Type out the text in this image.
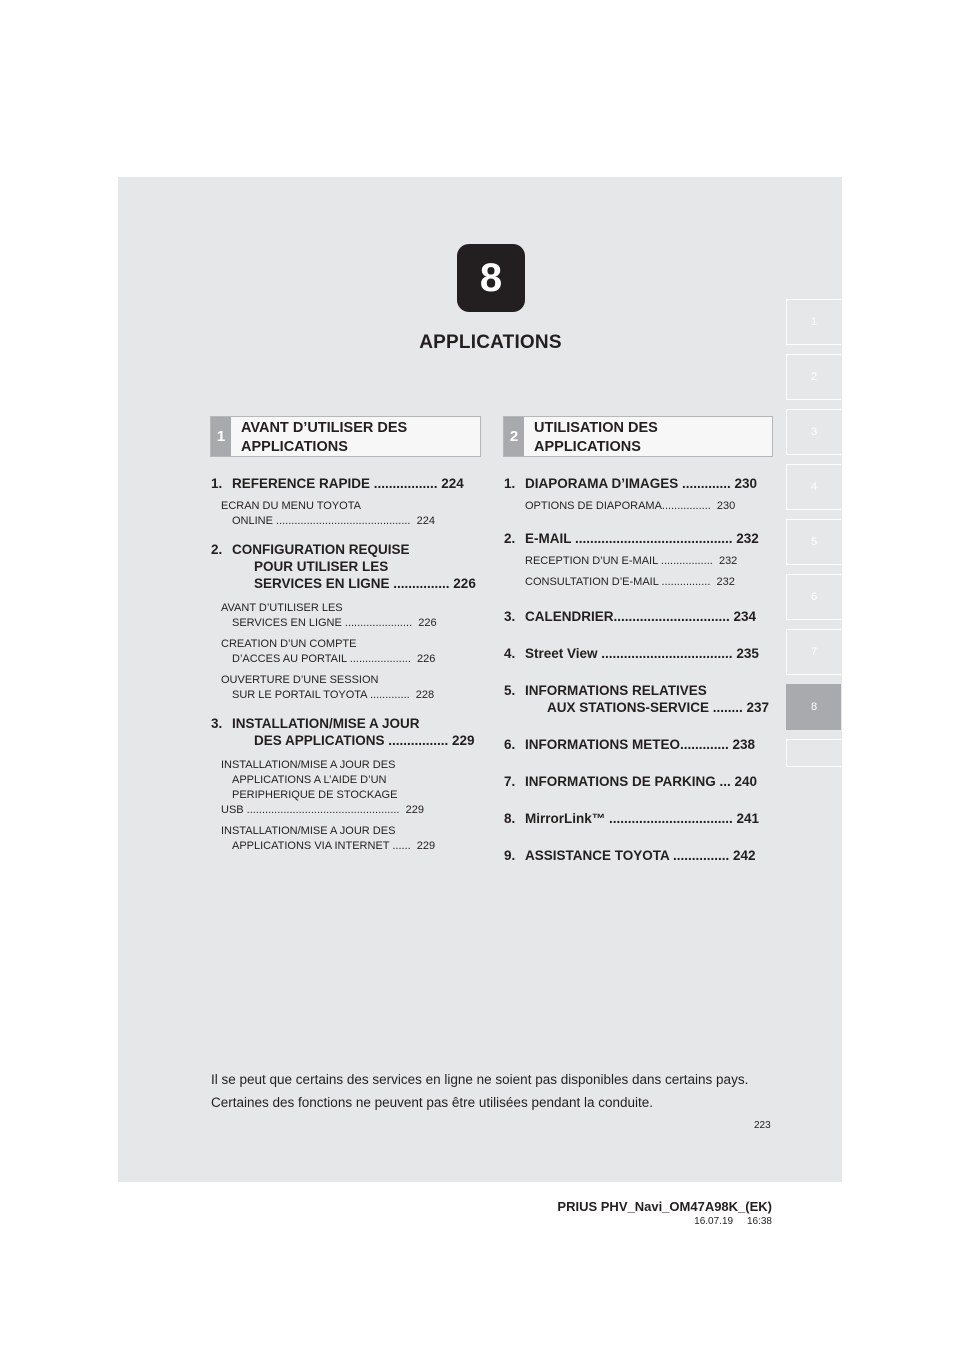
8
APPLICATIONS
1
2
3
4
5
6
7
8
1	AVANT D’UTILISER DES
APPLICATIONS
2	UTILISATION DES
APPLICATIONS
1. REFERENCE RAPIDE ................. 224
ECRAN DU MENU TOYOTA
ONLINE ............................................  224
2. CONFIGURATION REQUISE
POUR UTILISER LES
SERVICES EN LIGNE ............... 226
AVANT D’UTILISER LES
SERVICES EN LIGNE ......................  226
CREATION D’UN COMPTE
D’ACCES AU PORTAIL ....................  226
OUVERTURE D’UNE SESSION
SUR LE PORTAIL TOYOTA .............  228
3. INSTALLATION/MISE A JOUR
DES APPLICATIONS ................ 229
INSTALLATION/MISE A JOUR DES
APPLICATIONS A L’AIDE D’UN
PERIPHERIQUE DE STOCKAGE
USB ..................................................  229
INSTALLATION/MISE A JOUR DES
APPLICATIONS VIA INTERNET ......  229
1. DIAPORAMA D’IMAGES ............. 230
OPTIONS DE DIAPORAMA................  230
2. E-MAIL .......................................... 232
RECEPTION D’UN E-MAIL .................  232
CONSULTATION D’E-MAIL ................  232
3. CALENDRIER............................... 234
4. Street View ................................... 235
5. INFORMATIONS RELATIVES
AUX STATIONS-SERVICE ........ 237
6. INFORMATIONS METEO............. 238
7. INFORMATIONS DE PARKING ... 240
8. MirrorLink™ ................................. 241
9. ASSISTANCE TOYOTA ............... 242
Il se peut que certains des services en ligne ne soient pas disponibles dans certains pays.
Certaines des fonctions ne peuvent pas être utilisées pendant la conduite.
223
PRIUS PHV_Navi_OM47A98K_(EK)
16.07.19     16:38
